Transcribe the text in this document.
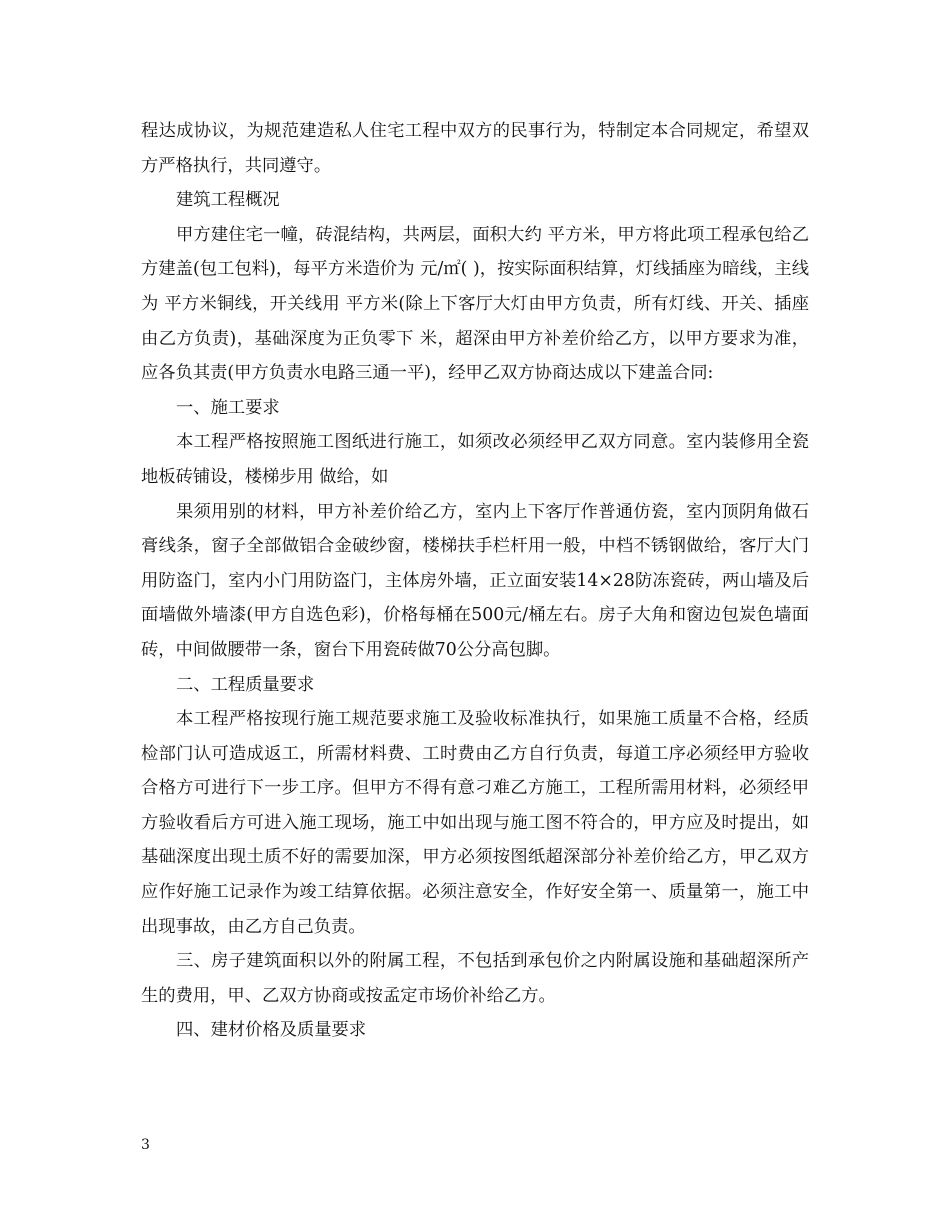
程达成协议，为规范建造私人住宅工程中双方的民事行为，特制定本合同规定，希望双方严格执行，共同遵守。

建筑工程概况

甲方建住宅一幢，砖混结构，共两层，面积大约 平方米，甲方将此项工程承包给乙方建盖(包工包料)，每平方米造价为 元/㎡( )，按实际面积结算，灯线插座为暗线，主线为 平方米铜线，开关线用 平方米(除上下客厅大灯由甲方负责，所有灯线、开关、插座由乙方负责)，基础深度为正负零下 米，超深由甲方补差价给乙方，以甲方要求为准，应各负其责(甲方负责水电路三通一平)，经甲乙双方协商达成以下建盖合同:

一、施工要求

本工程严格按照施工图纸进行施工，如须改必须经甲乙双方同意。室内装修用全瓷地板砖铺设，楼梯步用 做给，如

果须用别的材料，甲方补差价给乙方，室内上下客厅作普通仿瓷，室内顶阴角做石膏线条，窗子全部做铝合金破纱窗，楼梯扶手栏杆用一般，中档不锈钢做给，客厅大门用防盗门，室内小门用防盗门，主体房外墙，正立面安装14×28防冻瓷砖，两山墙及后面墙做外墙漆(甲方自选色彩)，价格每桶在500元/桶左右。房子大角和窗边包炭色墙面砖，中间做腰带一条，窗台下用瓷砖做70公分高包脚。

二、工程质量要求

本工程严格按现行施工规范要求施工及验收标准执行，如果施工质量不合格，经质检部门认可造成返工，所需材料费、工时费由乙方自行负责，每道工序必须经甲方验收合格方可进行下一步工序。但甲方不得有意刁难乙方施工，工程所需用材料，必须经甲方验收看后方可进入施工现场，施工中如出现与施工图不符合的，甲方应及时提出，如基础深度出现土质不好的需要加深，甲方必须按图纸超深部分补差价给乙方，甲乙双方应作好施工记录作为竣工结算依据。必须注意安全，作好安全第一、质量第一，施工中出现事故，由乙方自己负责。

三、房子建筑面积以外的附属工程，不包括到承包价之内附属设施和基础超深所产生的费用，甲、乙双方协商或按孟定市场价补给乙方。

四、建材价格及质量要求

3
